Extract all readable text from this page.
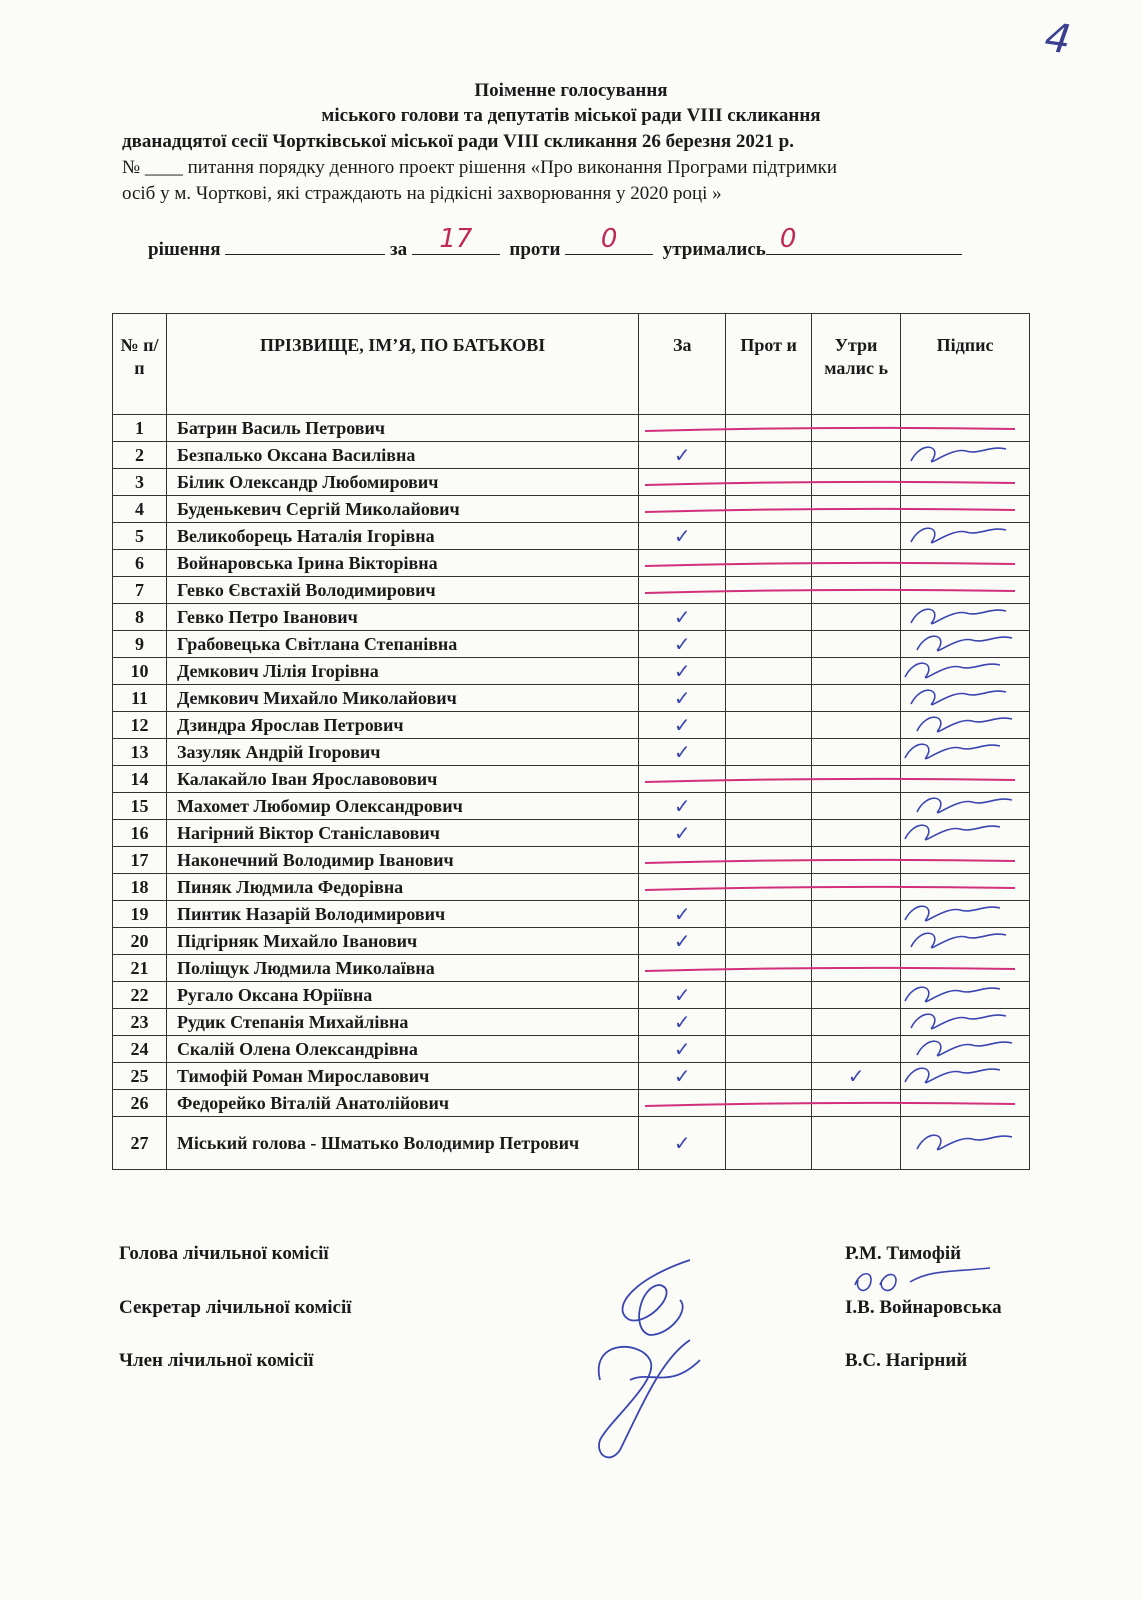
4
Поіменне голосування
міського голови та депутатів міської ради VIII скликання
дванадцятої сесії Чортківської міської ради VIII скликання 26 березня 2021 р.
№ ____ питання порядку денного проект рішення «Про виконання Програми підтримки
осіб у м. Чорткові, які страждають на рідкісні захворювання у 2020 році »
рішення	за	17	проти	0	утримались 0
№ п/п	ПРІЗВИЩЕ, ІМ’Я, ПО БАТЬКОВІ	За	Прот и	Утри малис ь	Підпис
1	Батрин Василь Петрович				
2	Безпалько Оксана Василівна	✓			
3	Білик Олександр Любомирович				
4	Буденькевич Сергій Миколайович				
5	Великоборець Наталія Ігорівна	✓			
6	Войнаровська Ірина Вікторівна				
7	Гевко Євстахій Володимирович				
8	Гевко Петро Іванович	✓			
9	Грабовецька Світлана Степанівна	✓			
10	Демкович Лілія Ігорівна	✓			
11	Демкович Михайло Миколайович	✓			
12	Дзиндра Ярослав Петрович	✓			
13	Зазуляк Андрій Ігорович	✓			
14	Калакайло Іван Ярославовович				
15	Махомет Любомир Олександрович	✓			
16	Нагірний Віктор Станіславович	✓			
17	Наконечний Володимир Іванович				
18	Пиняк Людмила Федорівна				
19	Пинтик Назарій Володимирович	✓			
20	Підгірняк Михайло Іванович	✓			
21	Поліщук Людмила Миколаївна				
22	Ругало Оксана Юріївна	✓			
23	Рудик Степанія Михайлівна	✓			
24	Скалій Олена Олександрівна	✓			
25	Тимофій Роман Мирославович	✓		✓	
26	Федорейко Віталій Анатолійович				
27	Міський голова - Шматько Володимир Петрович	✓			
Голова лічильної комісії	Р.М. Тимофій
Секретар лічильної комісії	І.В. Войнаровська
Член лічильної комісії	В.С. Нагірний
